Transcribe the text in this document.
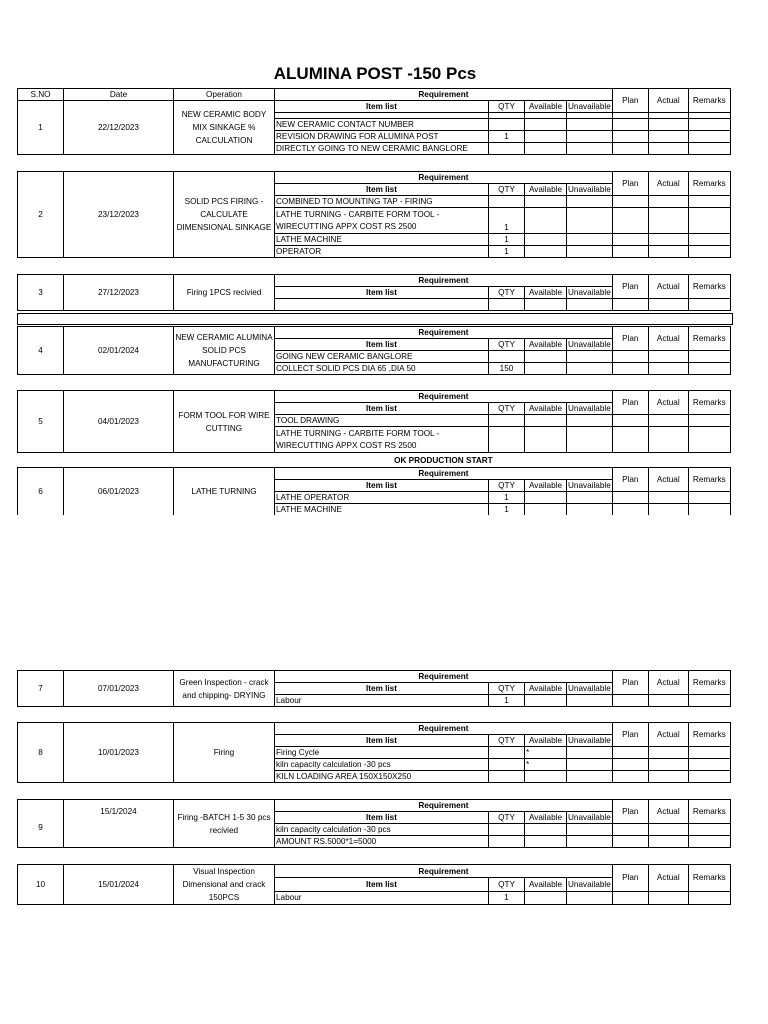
ALUMINA POST -150 Pcs
S.NO	Date	Operation	Requirement				Plan	Actual	Remarks
1	22/12/2023	NEW CERAMIC BODY MIX SINKAGE % CALCULATION	Item list	QTY	Available	Unavailable			

			NEW CERAMIC CONTACT NUMBER						
			REVISION DRAWING FOR ALUMINA POST	1					
			DIRECTLY GOING TO NEW CERAMIC BANGLORE						
2	23/12/2023	SOLID PCS FIRING - CALCULATE DIMENSIONAL SINKAGE	Requirement				Plan	Actual	Remarks
			Item list	QTY	Available	Unavailable			
			COMBINED TO MOUNTING TAP - FIRING						
			LATHE TURNING - CARBITE FORM TOOL - WIRECUTTING APPX COST RS 2500	1					
			LATHE MACHINE	1					
			OPERATOR	1					
3	27/12/2023	Firing 1PCS recivied	Requirement				Plan	Actual	Remarks
			Item list	QTY	Available	Unavailable			

4	02/01/2024	NEW CERAMIC ALUMINA SOLID PCS MANUFACTURING	Requirement				Plan	Actual	Remarks
			Item list	QTY	Available	Unavailable			
			GOING NEW CERAMIC BANGLORE						
			COLLECT SOLID PCS DIA 65 ,DIA 50	150					
5	04/01/2023	FORM TOOL FOR WIRE CUTTING	Requirement				Plan	Actual	Remarks
			Item list	QTY	Available	Unavailable			
			TOOL DRAWING						
			LATHE TURNING - CARBITE FORM TOOL - WIRECUTTING APPX COST RS 2500						
			OK PRODUCTION START						
6	06/01/2023	LATHE TURNING	Requirement				Plan	Actual	Remarks
			Item list	QTY	Available	Unavailable			
			LATHE OPERATOR	1					
			LATHE MACHINE	1					
7	07/01/2023	Green Inspection - crack and chipping- DRYING	Requirement				Plan	Actual	Remarks
			Item list	QTY	Available	Unavailable			
			Labour	1					
8	10/01/2023	Firing	Requirement				Plan	Actual	Remarks
			Item list	QTY	Available	Unavailable			
			Firing Cycle		*				
			kiln capacity calculation -30 pcs		*				
			KILN LOADING AREA 150X150X250						
9	15/1/2024	Firing -BATCH 1-5 30 pcs recivied	Requirement				Plan	Actual	Remarks
			Item list	QTY	Available	Unavailable			
			kiln capacity calculation -30 pcs						
			AMOUNT RS.5000*1=5000						
10	15/01/2024	Visual Inspection Dimensional and crack 150PCS	Requirement				Plan	Actual	Remarks
			Item list	QTY	Available	Unavailable			
			Labour	1					
